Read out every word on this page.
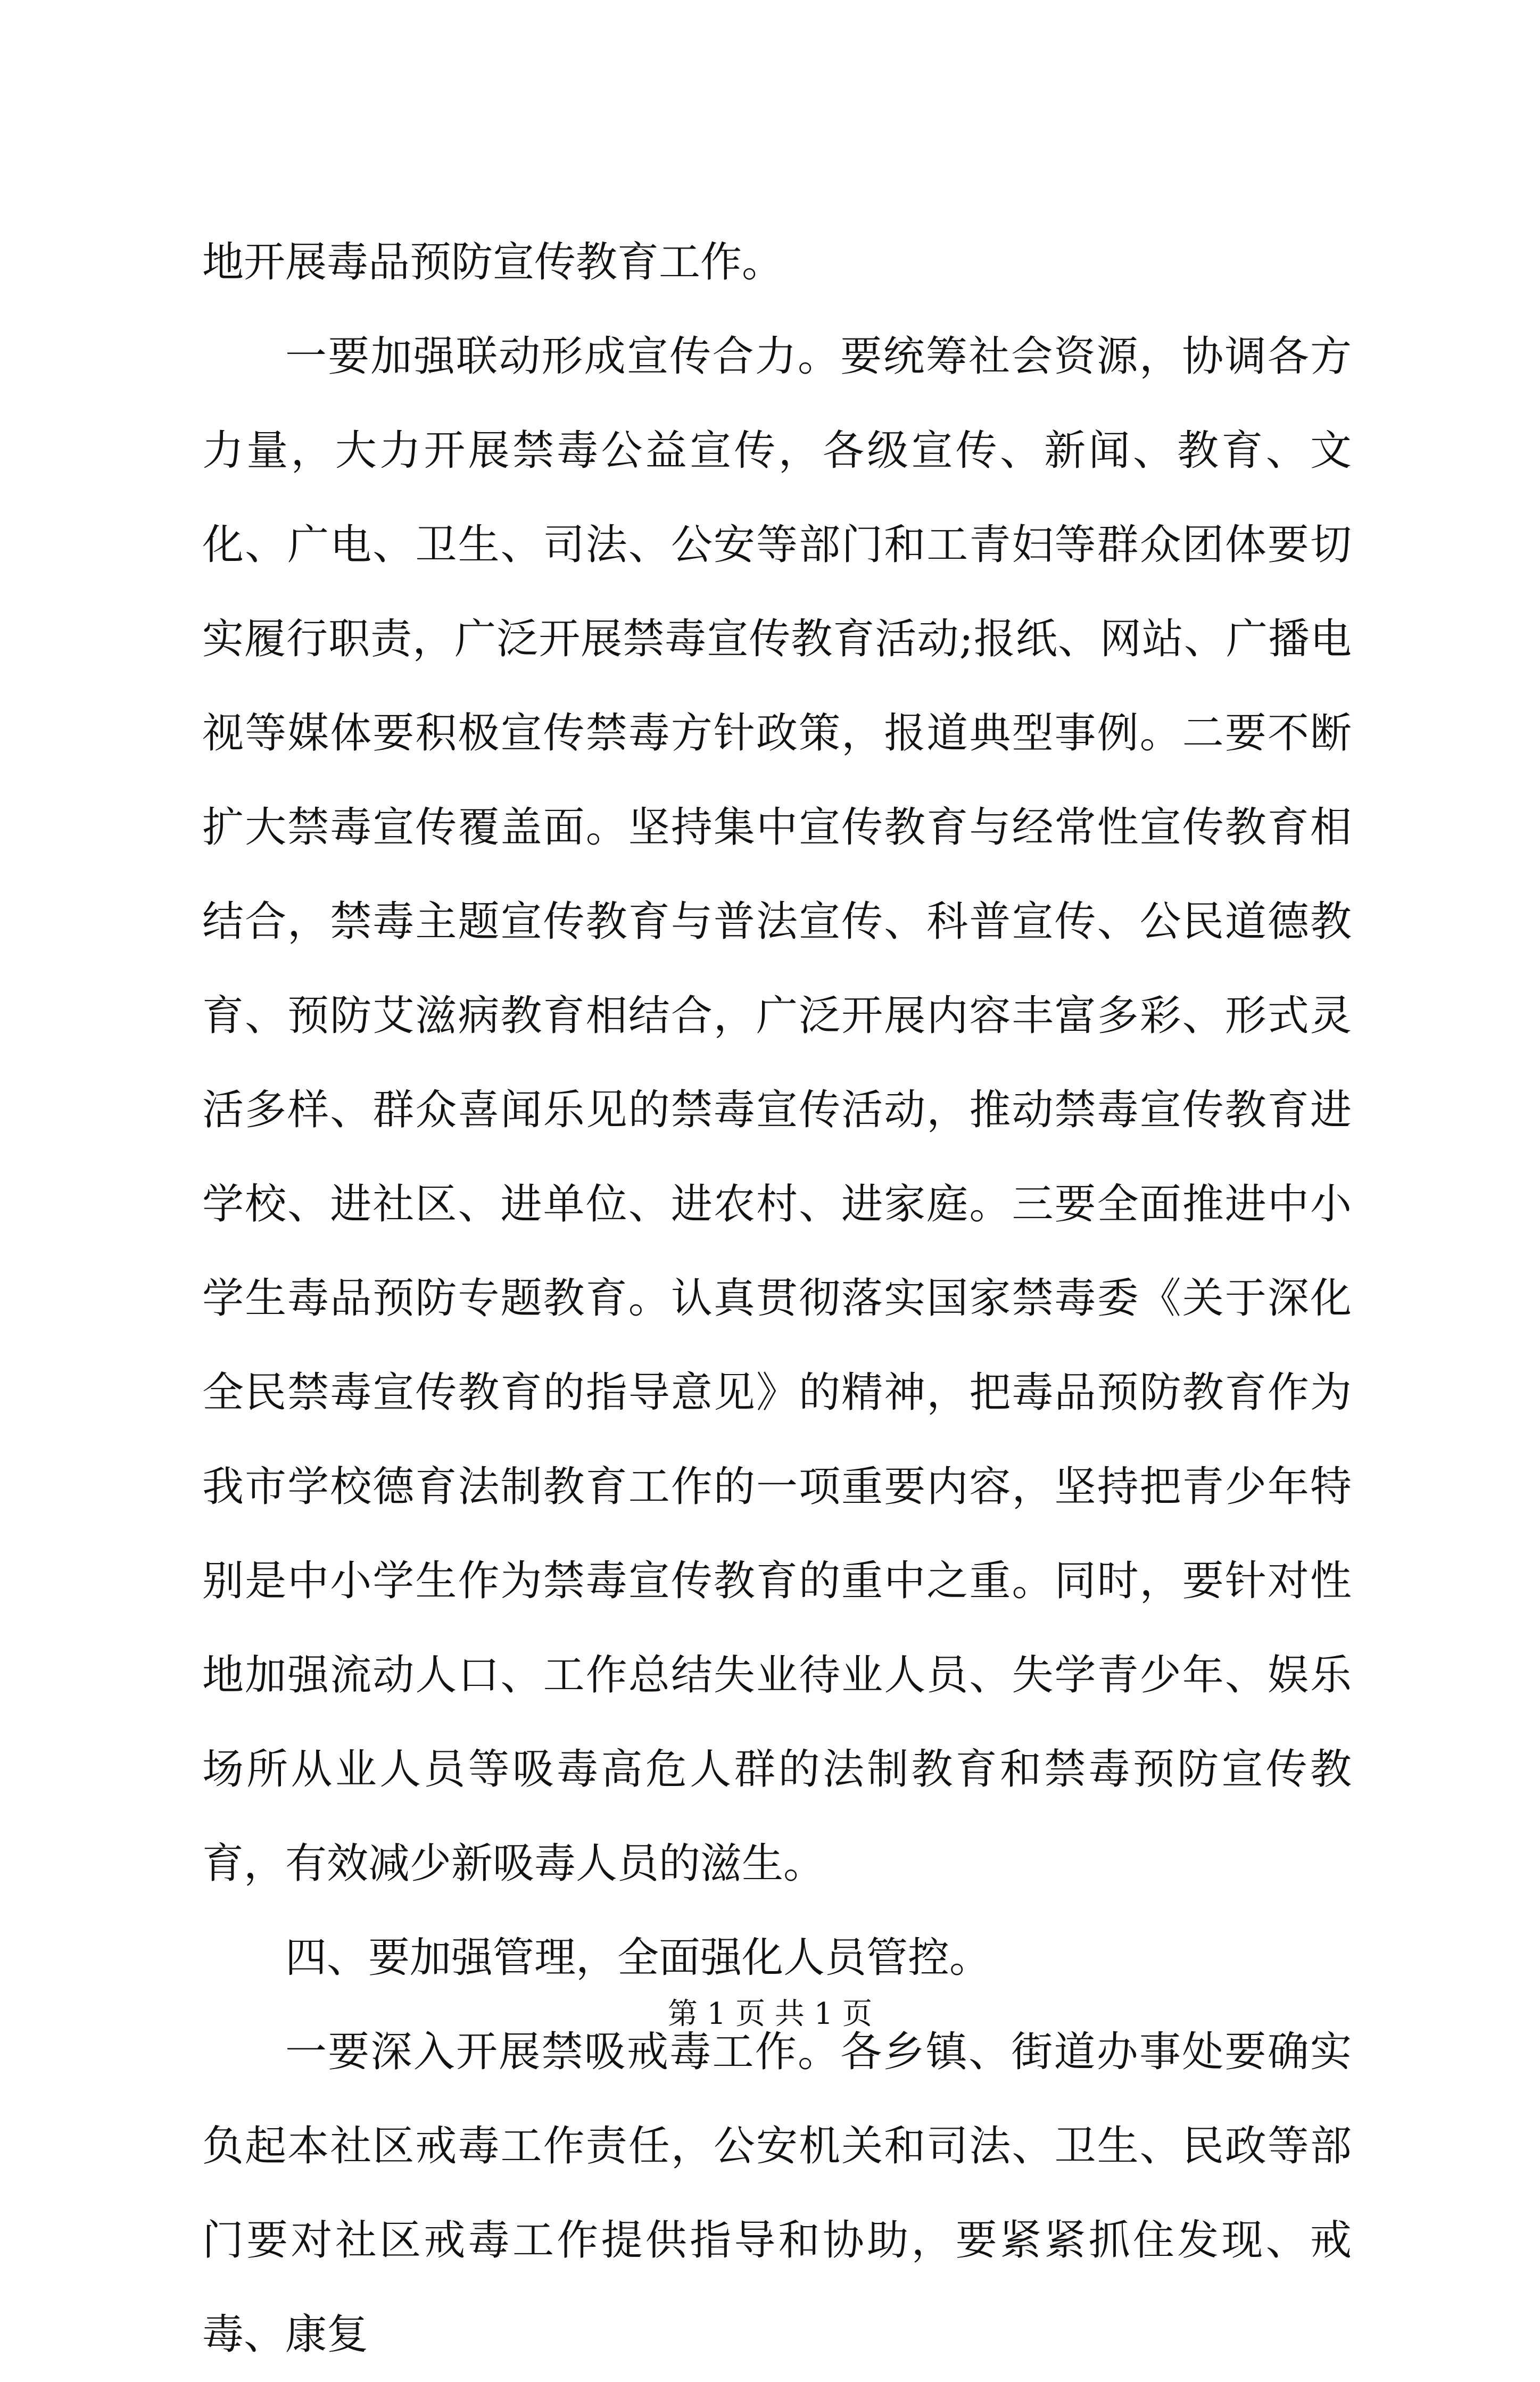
地开展毒品预防宣传教育工作。

一要加强联动形成宣传合力。要统筹社会资源，协调各方力量，大力开展禁毒公益宣传，各级宣传、新闻、教育、文化、广电、卫生、司法、公安等部门和工青妇等群众团体要切实履行职责，广泛开展禁毒宣传教育活动;报纸、网站、广播电视等媒体要积极宣传禁毒方针政策，报道典型事例。二要不断扩大禁毒宣传覆盖面。坚持集中宣传教育与经常性宣传教育相结合，禁毒主题宣传教育与普法宣传、科普宣传、公民道德教育、预防艾滋病教育相结合，广泛开展内容丰富多彩、形式灵活多样、群众喜闻乐见的禁毒宣传活动，推动禁毒宣传教育进学校、进社区、进单位、进农村、进家庭。三要全面推进中小学生毒品预防专题教育。认真贯彻落实国家禁毒委《关于深化全民禁毒宣传教育的指导意见》的精神，把毒品预防教育作为我市学校德育法制教育工作的一项重要内容，坚持把青少年特别是中小学生作为禁毒宣传教育的重中之重。同时，要针对性地加强流动人口、工作总结失业待业人员、失学青少年、娱乐场所从业人员等吸毒高危人群的法制教育和禁毒预防宣传教育，有效减少新吸毒人员的滋生。

四、要加强管理，全面强化人员管控。

一要深入开展禁吸戒毒工作。各乡镇、街道办事处要确实负起本社区戒毒工作责任，公安机关和司法、卫生、民政等部门要对社区戒毒工作提供指导和协助，要紧紧抓住发现、戒毒、康复

第 1 页 共 1 页
